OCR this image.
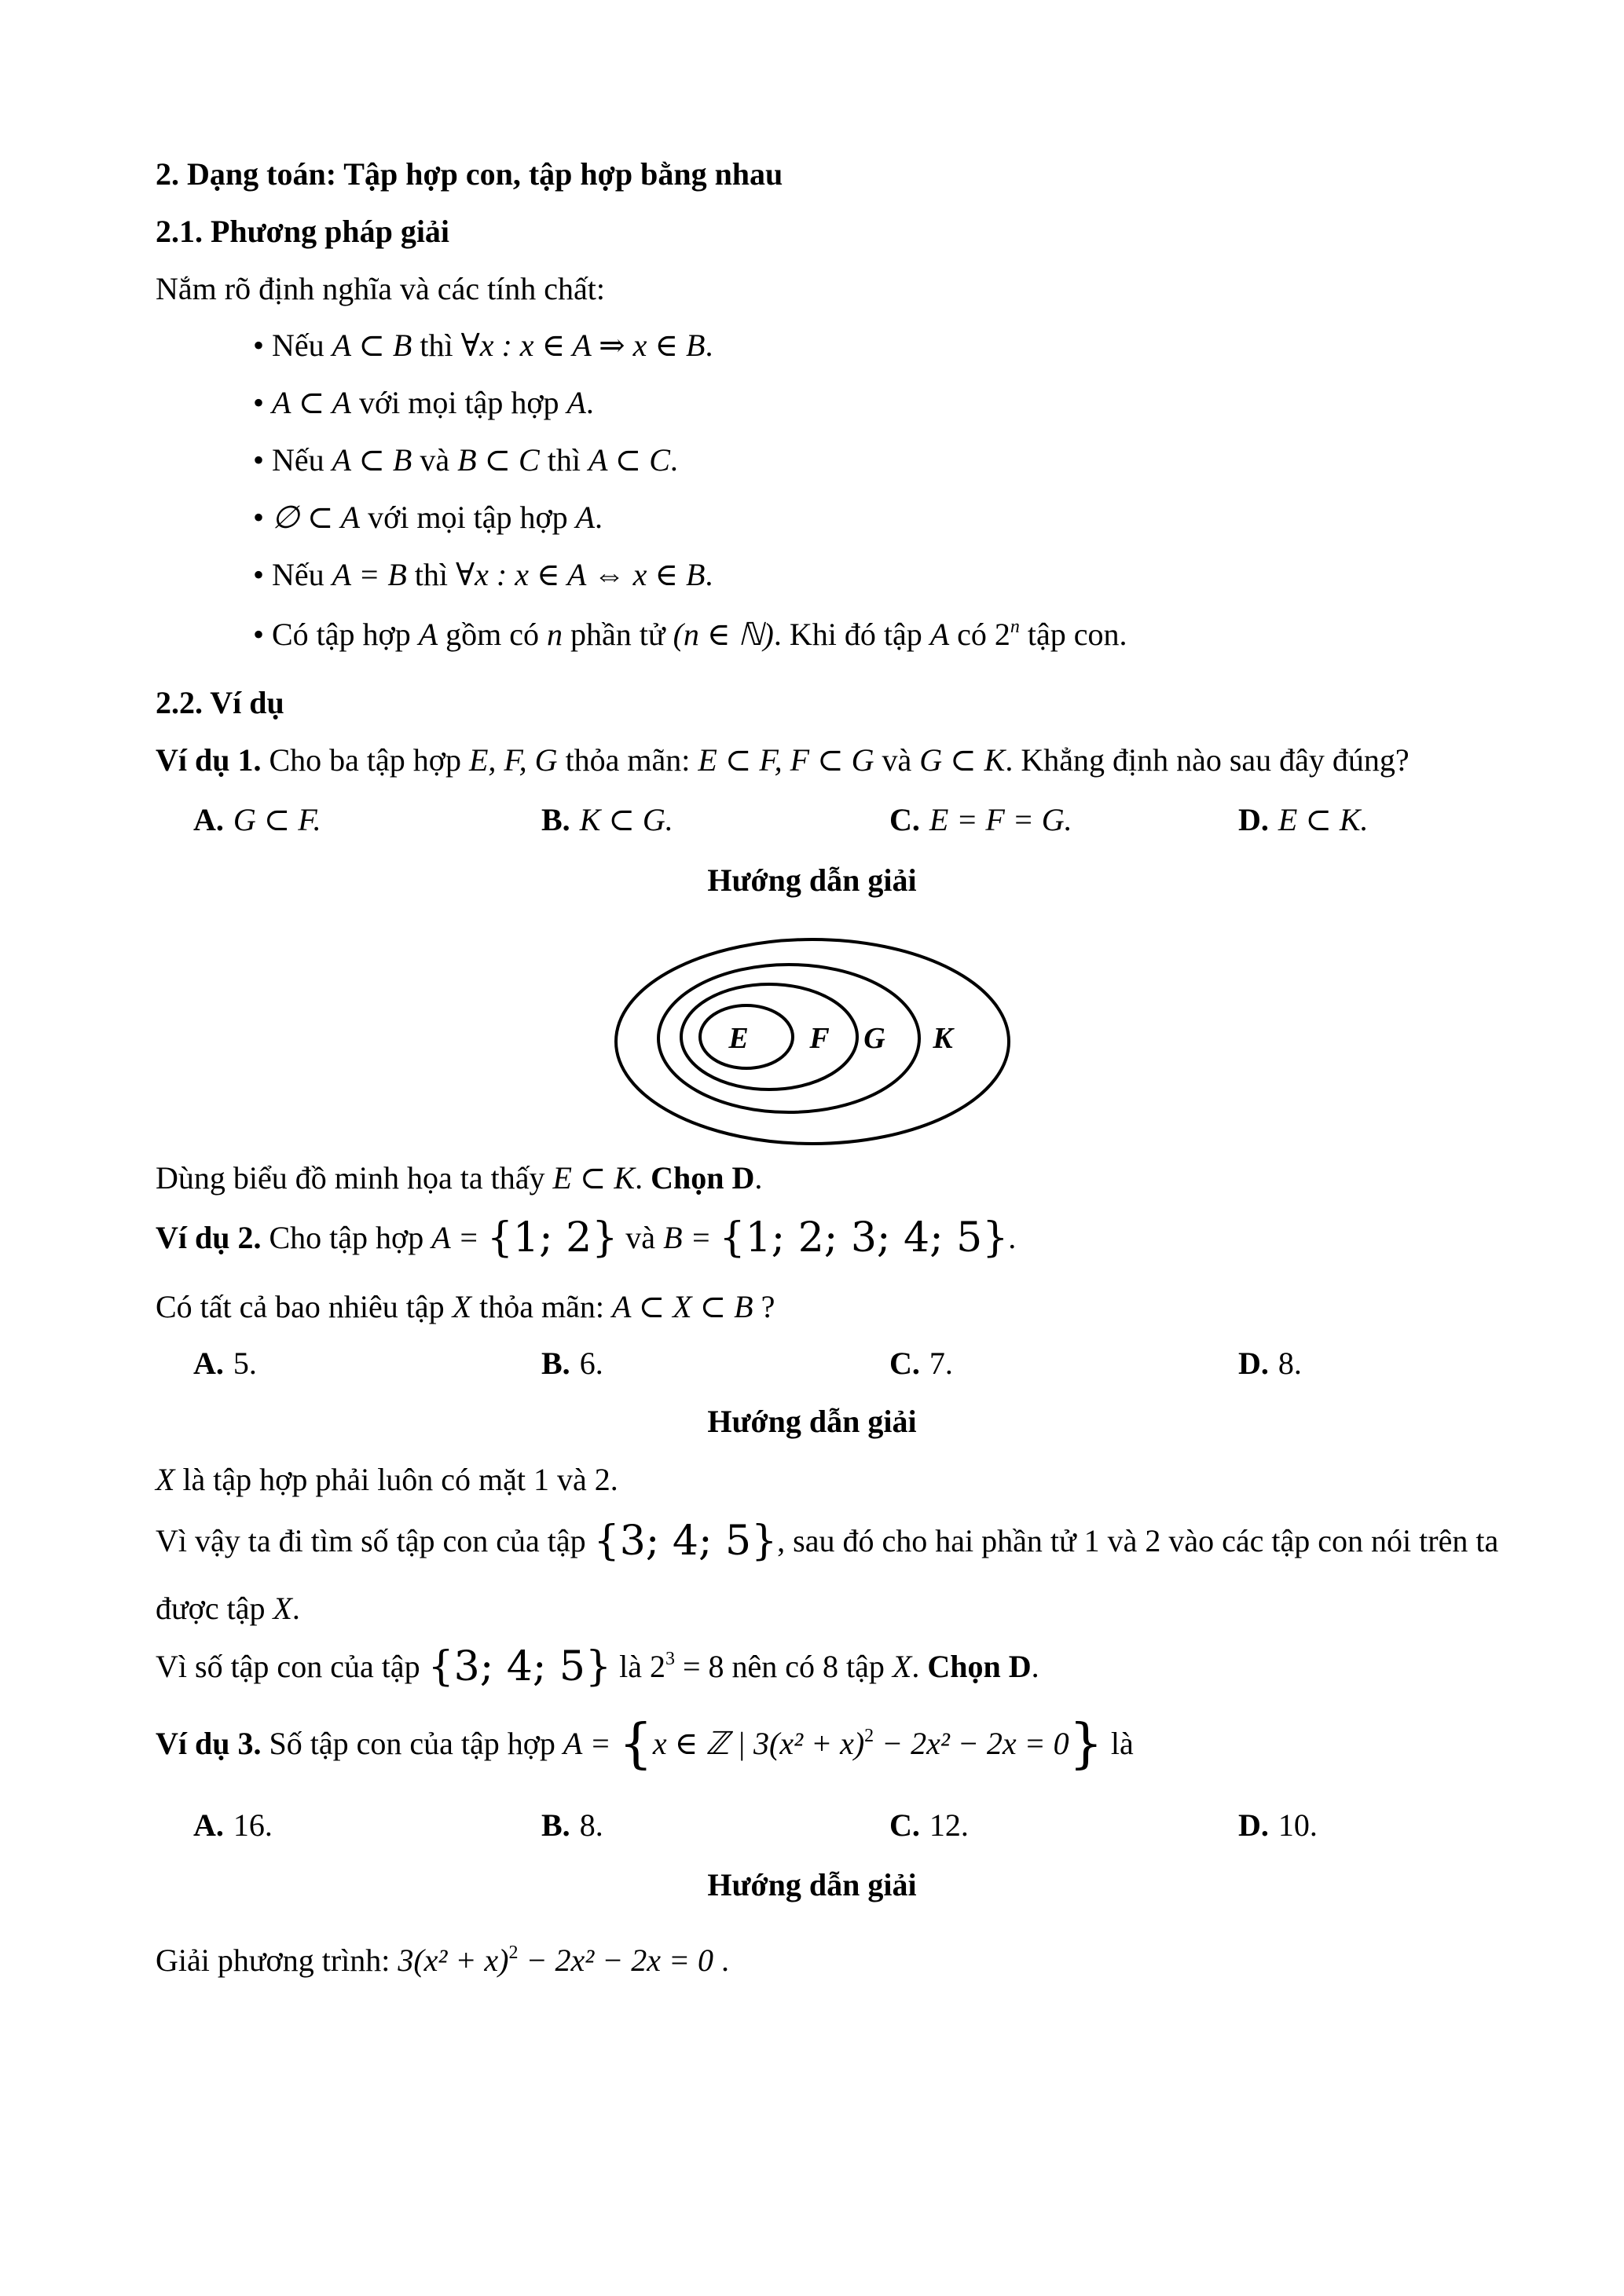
2. Dạng toán: Tập hợp con, tập hợp bằng nhau
2.1. Phương pháp giải
Nắm rõ định nghĩa và các tính chất:
• Nếu A ⊂ B thì ∀x : x ∈ A ⇒ x ∈ B.
• A ⊂ A với mọi tập hợp A.
• Nếu A ⊂ B và B ⊂ C thì A ⊂ C.
• ∅ ⊂ A với mọi tập hợp A.
• Nếu A = B thì ∀x : x ∈ A ⇔ x ∈ B.
• Có tập hợp A gồm có n phần tử (n ∈ ℕ). Khi đó tập A có 2$^n$ tập con.
2.2. Ví dụ
Ví dụ 1. Cho ba tập hợp E, F, G thỏa mãn: E ⊂ F, F ⊂ G và G ⊂ K. Khẳng định nào sau đây đúng?
A. G ⊂ F.	B. K ⊂ G.	C. E = F = G.	D. E ⊂ K.
Hướng dẫn giải
E F G K
Dùng biểu đồ minh họa ta thấy E ⊂ K. Chọn D.
Ví dụ 2. Cho tập hợp A = {1; 2} và B = {1; 2; 3; 4; 5}.
Có tất cả bao nhiêu tập X thỏa mãn: A ⊂ X ⊂ B ?
A. 5.	B. 6.	C. 7.	D. 8.
Hướng dẫn giải
X là tập hợp phải luôn có mặt 1 và 2.
Vì vậy ta đi tìm số tập con của tập {3; 4; 5}, sau đó cho hai phần tử 1 và 2 vào các tập con nói trên ta
được tập X.
Vì số tập con của tập {3; 4; 5} là $2^3 = 8$ nên có 8 tập X. Chọn D.
Ví dụ 3. Số tập con của tập hợp A = {x ∈ ℤ | $3(x^2 + x)^2 - 2x^2 - 2x = 0$} là
A. 16.	B. 8.	C. 12.	D. 10.
Hướng dẫn giải
Giải phương trình: $3(x^2 + x)^2 - 2x^2 - 2x = 0$ .
